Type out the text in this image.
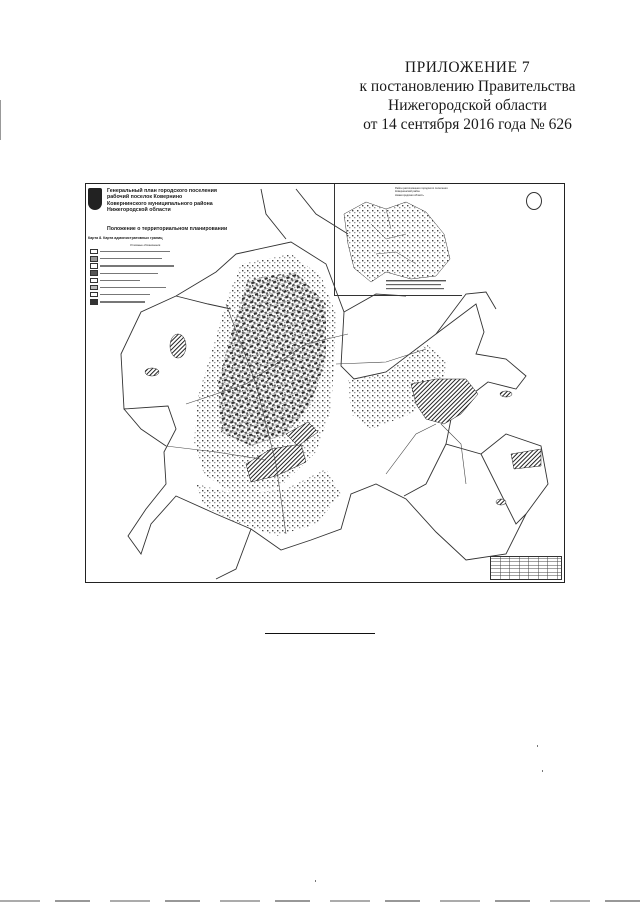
ПРИЛОЖЕНИЕ 7
к постановлению Правительства
Нижегородской области
от 14 сентября 2016 года № 626
Генеральный план городского поселения
рабочий поселок Ковернино
Ковернинского муниципального района
Нижегородской области
Положение о территориальном планировании
Карта 8. Карта административных границ
Условные обозначения
Район расположения городского поселения
Ковернинский район
Нижегородская область
